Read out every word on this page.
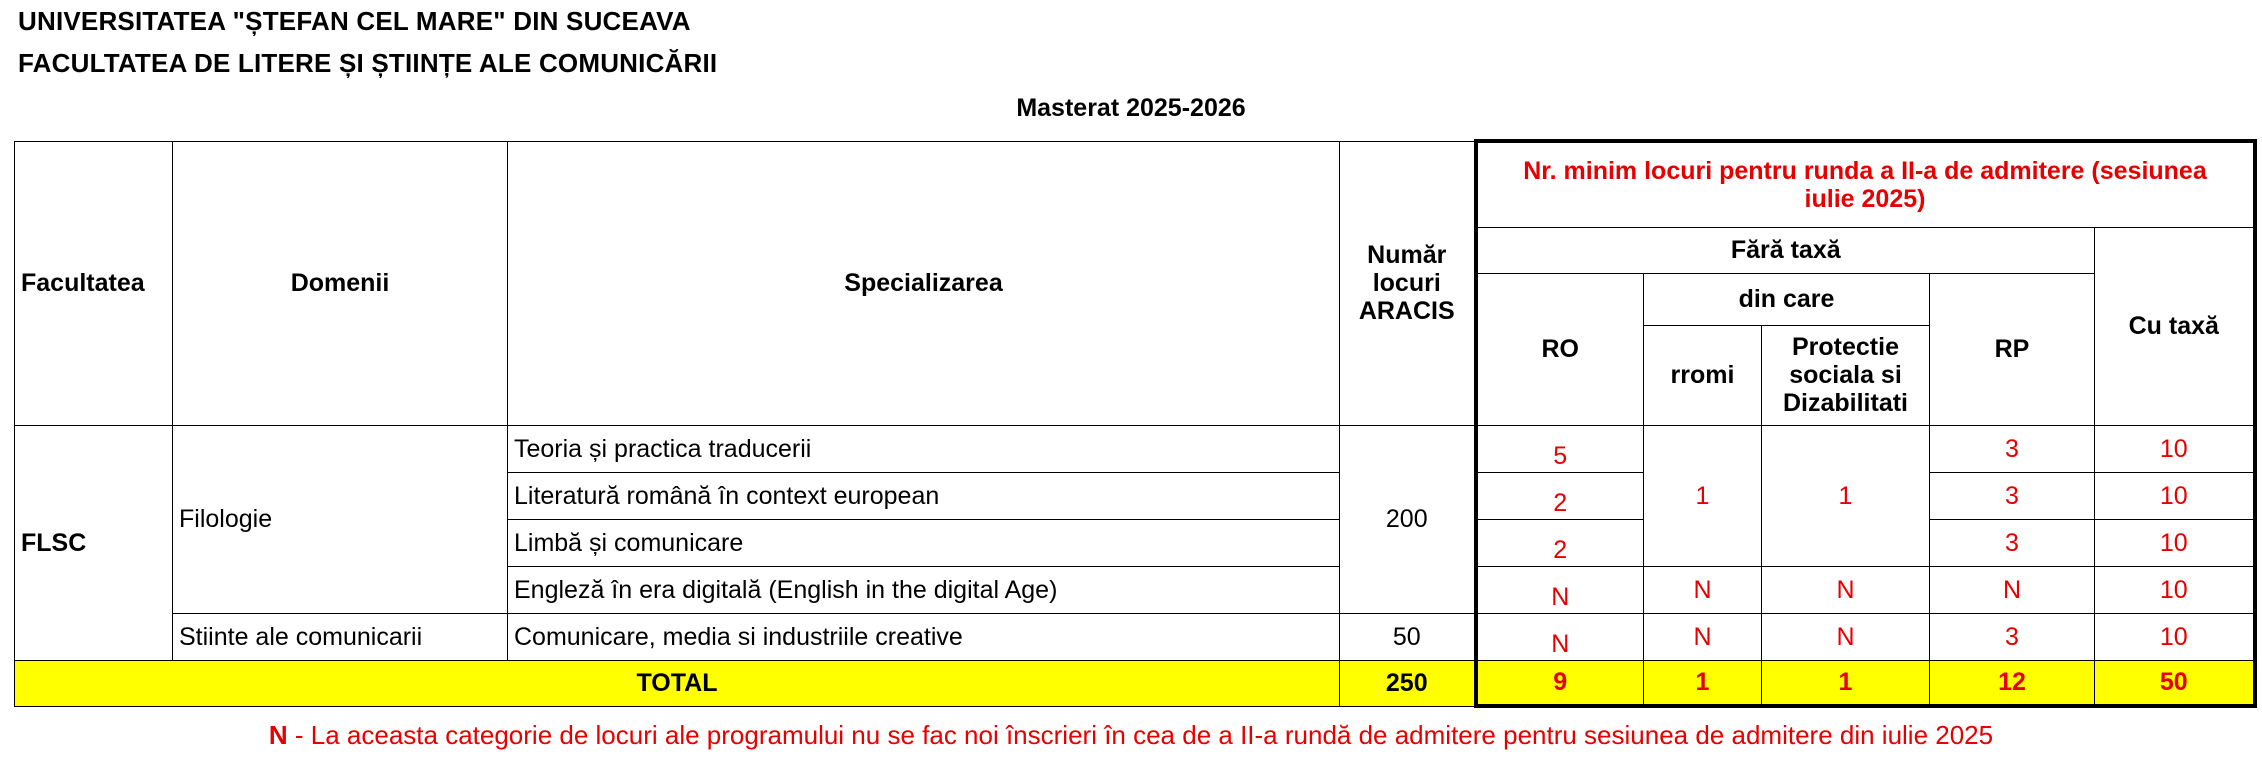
UNIVERSITATEA "ȘTEFAN CEL MARE" DIN SUCEAVA
FACULTATEA DE LITERE ȘI ȘTIINȚE ALE COMUNICĂRII
Masterat 2025-2026
Facultatea	Domenii	Specializarea	Număr locuri ARACIS	Nr. minim locuri pentru runda a II-a de admitere (sesiunea iulie 2025)				

				Fără taxă				Cu taxă
				RO	din care		RP	
					rromi	Protectie sociala si Dizabilitati		

FLSC	Filologie	Teoria și practica traducerii	200	5	1	1	3	10
		Literatură română în context european		2			3	10
		Limbă și comunicare		2			3	10
		Engleză în era digitală (English in the digital Age)		N	N	N	N	10
	Stiinte ale comunicarii	Comunicare, media si industriile creative	50	N	N	N	3	10
TOTAL			250	9	1	1	12	50
N - La aceasta categorie de locuri ale programului nu se fac noi înscrieri în cea de a II-a rundă de admitere pentru sesiunea de admitere din iulie 2025
